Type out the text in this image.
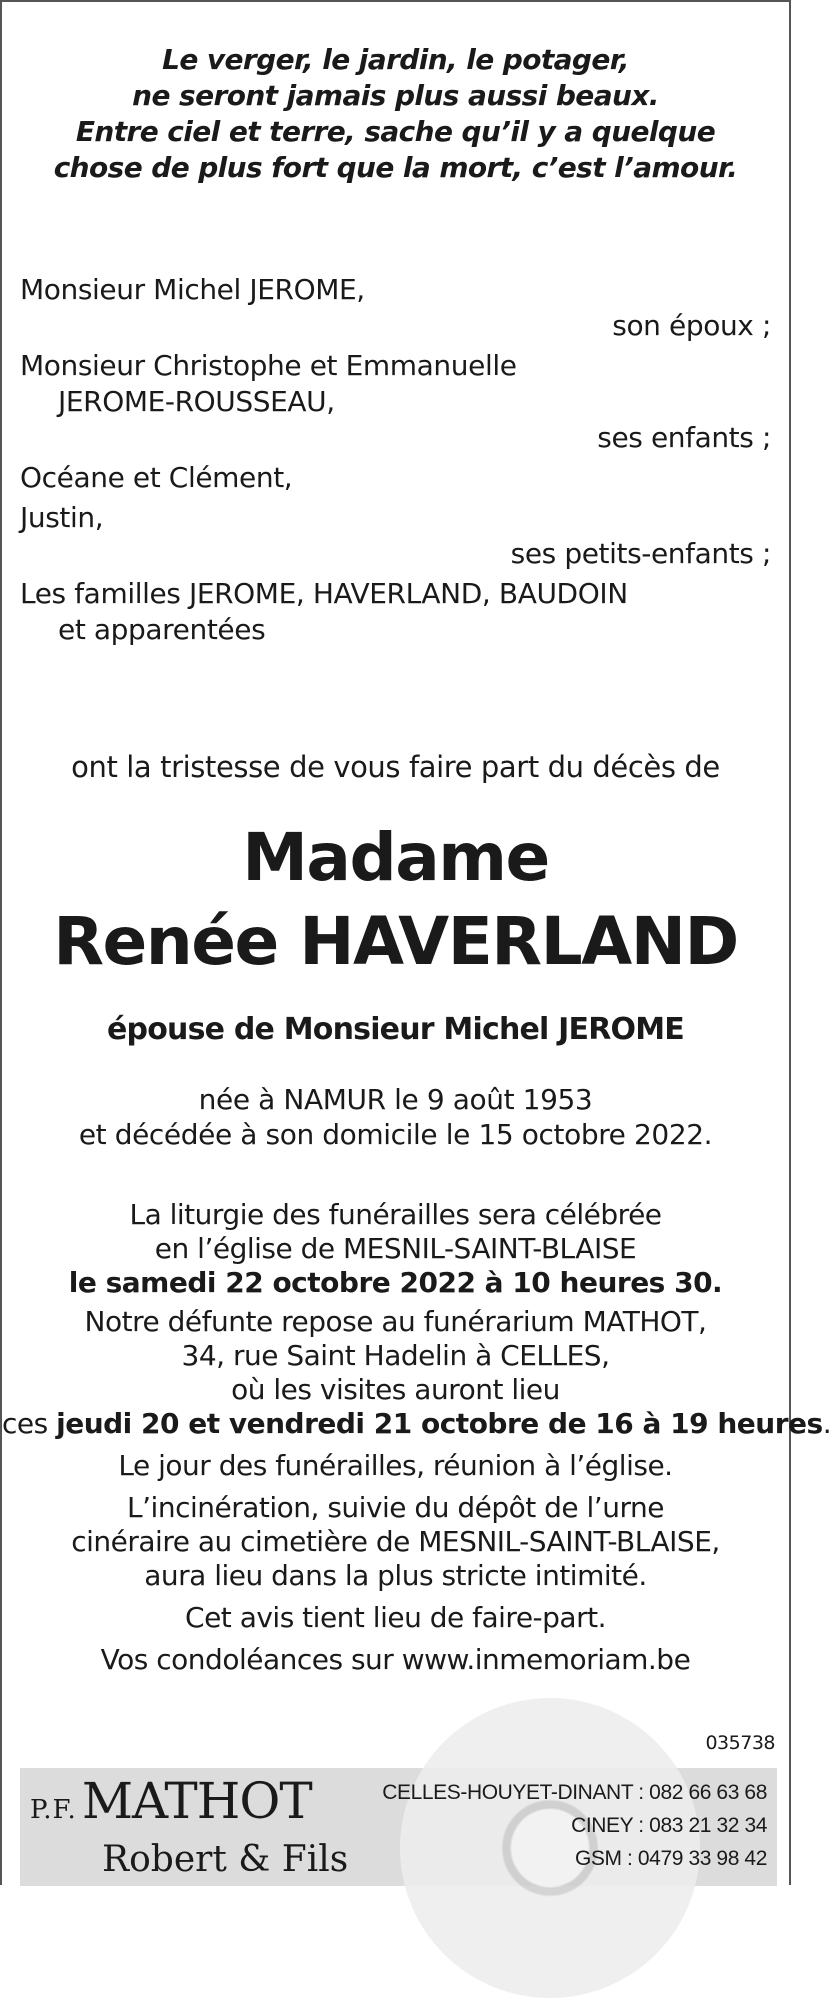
Le verger, le jardin, le potager,
ne seront jamais plus aussi beaux.
Entre ciel et terre, sache qu’il y a quelque
chose de plus fort que la mort, c’est l’amour.
Monsieur Michel JEROME,
son époux ;
Monsieur Christophe et Emmanuelle
JEROME-ROUSSEAU,
ses enfants ;
Océane et Clément,
Justin,
ses petits-enfants ;
Les familles JEROME, HAVERLAND, BAUDOIN
et apparentées
ont la tristesse de vous faire part du décès de
Madame
Renée HAVERLAND
épouse de Monsieur Michel JEROME
née à NAMUR le 9 août 1953
et décédée à son domicile le 15 octobre 2022.
La liturgie des funérailles sera célébrée
en l’église de MESNIL-SAINT-BLAISE
le samedi 22 octobre 2022 à 10 heures 30.
Notre défunte repose au funérarium MATHOT,
34, rue Saint Hadelin à CELLES,
où les visites auront lieu
ces jeudi 20 et vendredi 21 octobre de 16 à 19 heures.
Le jour des funérailles, réunion à l’église.
L’incinération, suivie du dépôt de l’urne
cinéraire au cimetière de MESNIL-SAINT-BLAISE,
aura lieu dans la plus stricte intimité.
Cet avis tient lieu de faire-part.
Vos condoléances sur www.inmemoriam.be
035738
P.F. MATHOT
Robert & Fils
CELLES-HOUYET-DINANT : 082 66 63 68
CINEY : 083 21 32 34
GSM : 0479 33 98 42
